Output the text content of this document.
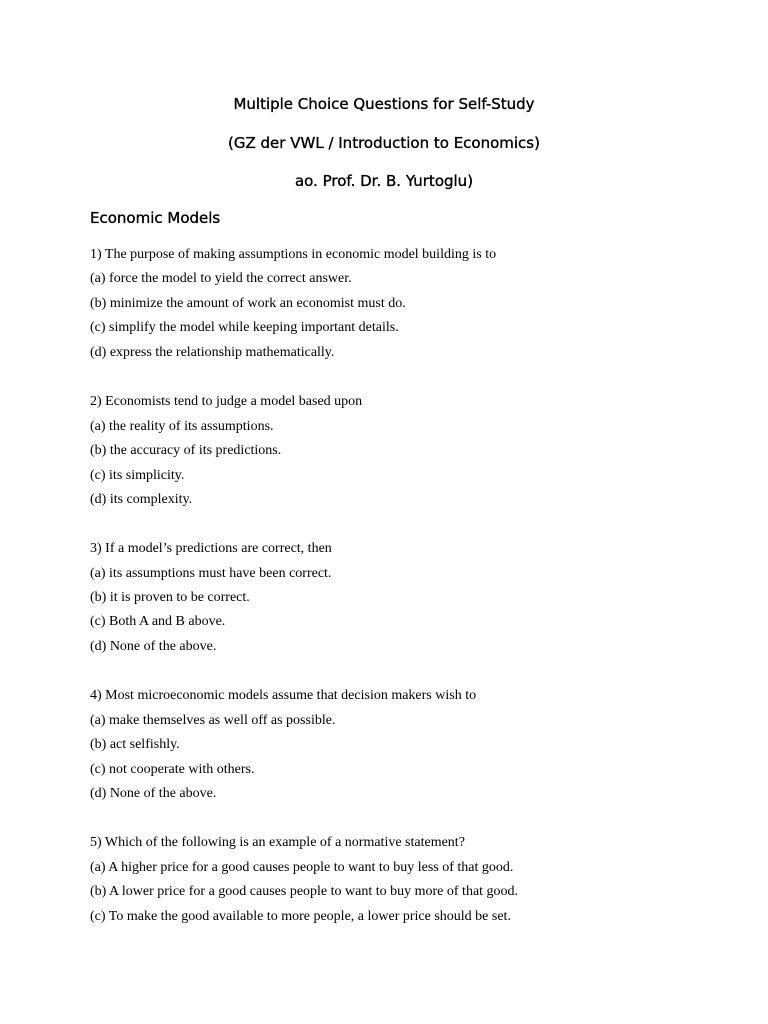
Multiple Choice Questions for Self-Study
(GZ der VWL / Introduction to Economics)
ao. Prof. Dr. B. Yurtoglu)
Economic Models

1) The purpose of making assumptions in economic model building is to

(a) force the model to yield the correct answer.

(b) minimize the amount of work an economist must do.

(c) simplify the model while keeping important details.

(d) express the relationship mathematically.

2) Economists tend to judge a model based upon

(a) the reality of its assumptions.

(b) the accuracy of its predictions.

(c) its simplicity.

(d) its complexity.

3) If a model’s predictions are correct, then

(a) its assumptions must have been correct.

(b) it is proven to be correct.

(c) Both A and B above.

(d) None of the above.

4) Most microeconomic models assume that decision makers wish to

(a) make themselves as well off as possible.

(b) act selfishly.

(c) not cooperate with others.

(d) None of the above.

5) Which of the following is an example of a normative statement?

(a) A higher price for a good causes people to want to buy less of that good.

(b) A lower price for a good causes people to want to buy more of that good.

(c) To make the good available to more people, a lower price should be set.
